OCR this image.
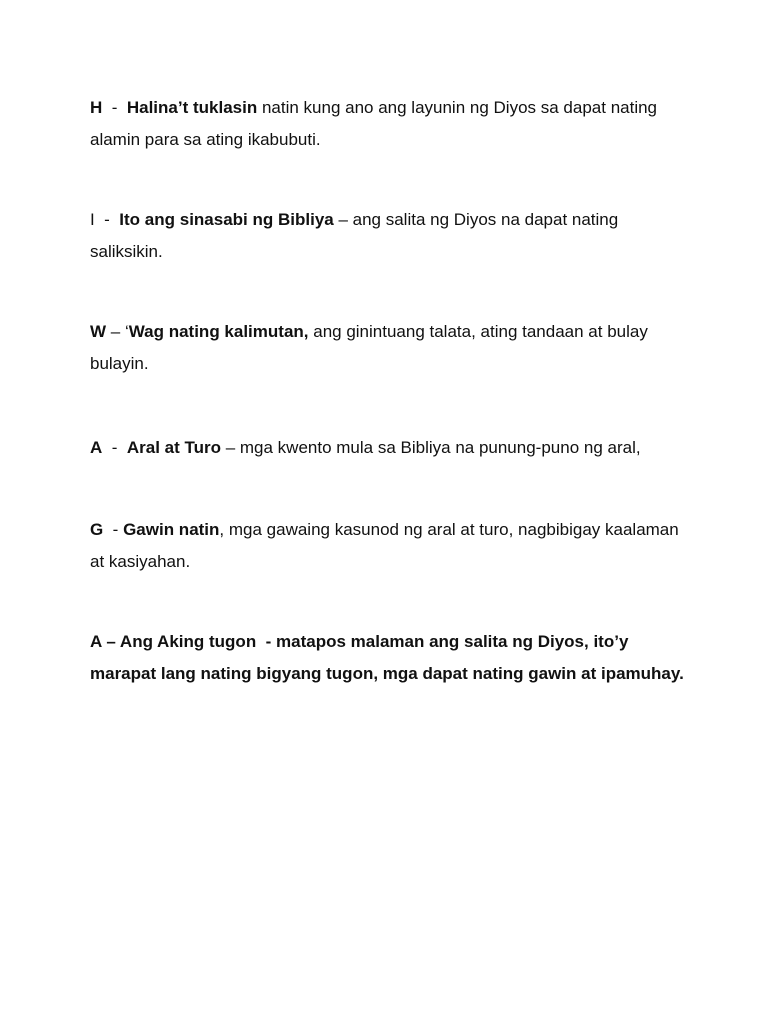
H  -  Halina’t tuklasin natin kung ano ang layunin ng Diyos sa dapat nating alamin para sa ating ikabubuti.

I  -  Ito ang sinasabi ng Bibliya – ang salita ng Diyos na dapat nating saliksikin.

W – ‘Wag nating kalimutan, ang ginintuang talata, ating tandaan at bulay bulayin.

A  -  Aral at Turo – mga kwento mula sa Bibliya na punung-puno ng aral,

G  - Gawin natin, mga gawaing kasunod ng aral at turo, nagbibigay kaalaman at kasiyahan.

A – Ang Aking tugon  - matapos malaman ang salita ng Diyos, ito’y marapat lang nating bigyang tugon, mga dapat nating gawin at ipamuhay.
